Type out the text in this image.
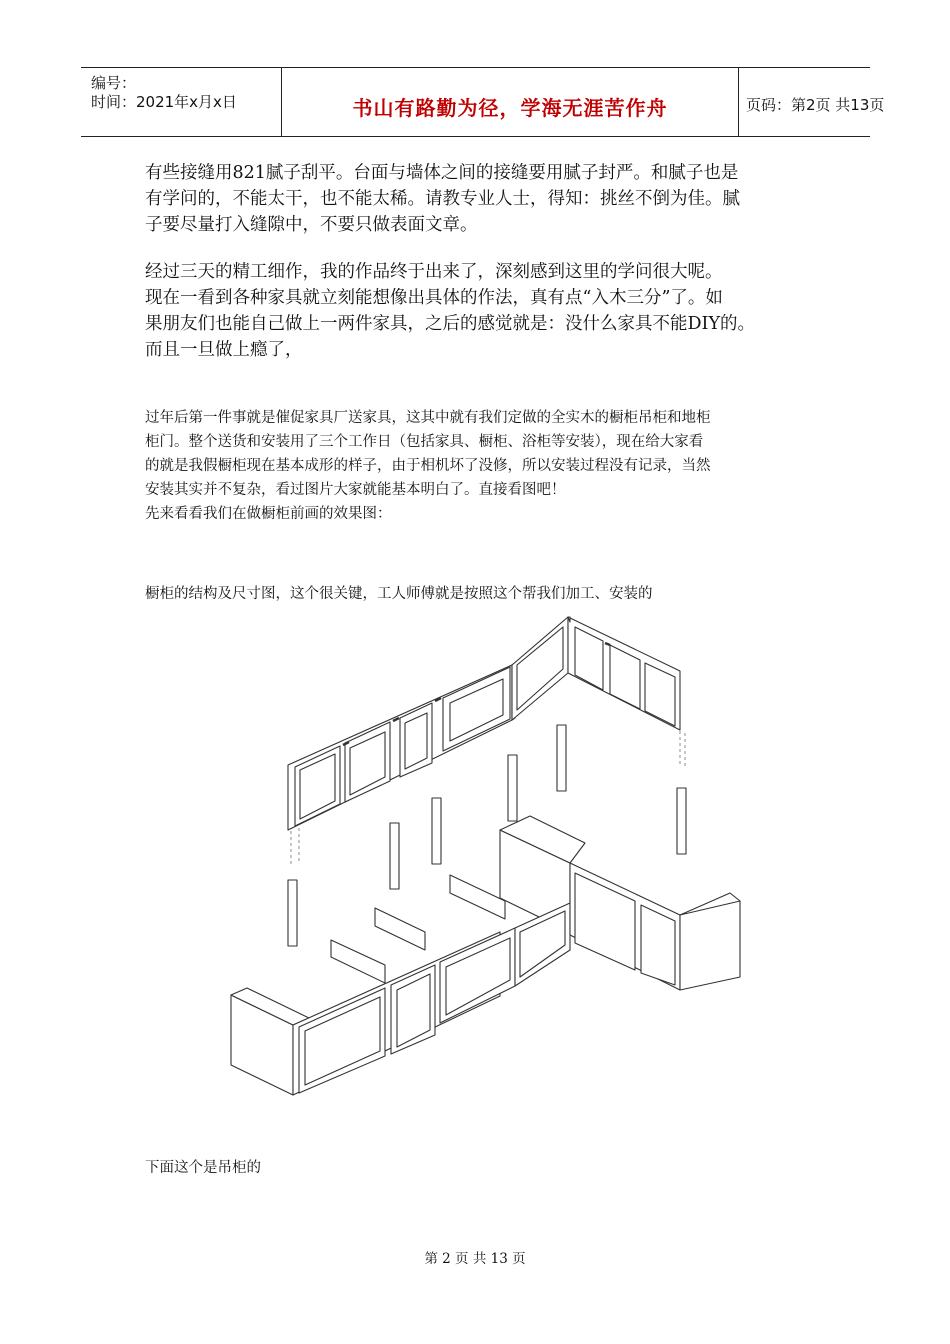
编号：
时间：2021年x月x日	书山有路勤为径，学海无涯苦作舟	页码：第2页 共13页
有些接缝用821腻子刮平。台面与墙体之间的接缝要用腻子封严。和腻子也是
有学问的，不能太干，也不能太稀。请教专业人士，得知：挑丝不倒为佳。腻
子要尽量打入缝隙中，不要只做表面文章。
经过三天的精工细作，我的作品终于出来了，深刻感到这里的学问很大呢。
现在一看到各种家具就立刻能想像出具体的作法，真有点“入木三分”了。如
果朋友们也能自己做上一两件家具，之后的感觉就是：没什么家具不能DIY的。
而且一旦做上瘾了，
过年后第一件事就是催促家具厂送家具，这其中就有我们定做的全实木的橱柜吊柜和地柜
柜门。整个送货和安装用了三个工作日（包括家具、橱柜、浴柜等安装），现在给大家看
的就是我假橱柜现在基本成形的样子，由于相机坏了没修，所以安装过程没有记录，当然
安装其实并不复杂，看过图片大家就能基本明白了。直接看图吧！
先来看看我们在做橱柜前画的效果图：
橱柜的结构及尺寸图，这个很关键，工人师傅就是按照这个帮我们加工、安装的
下面这个是吊柜的
第 2 页 共 13 页
